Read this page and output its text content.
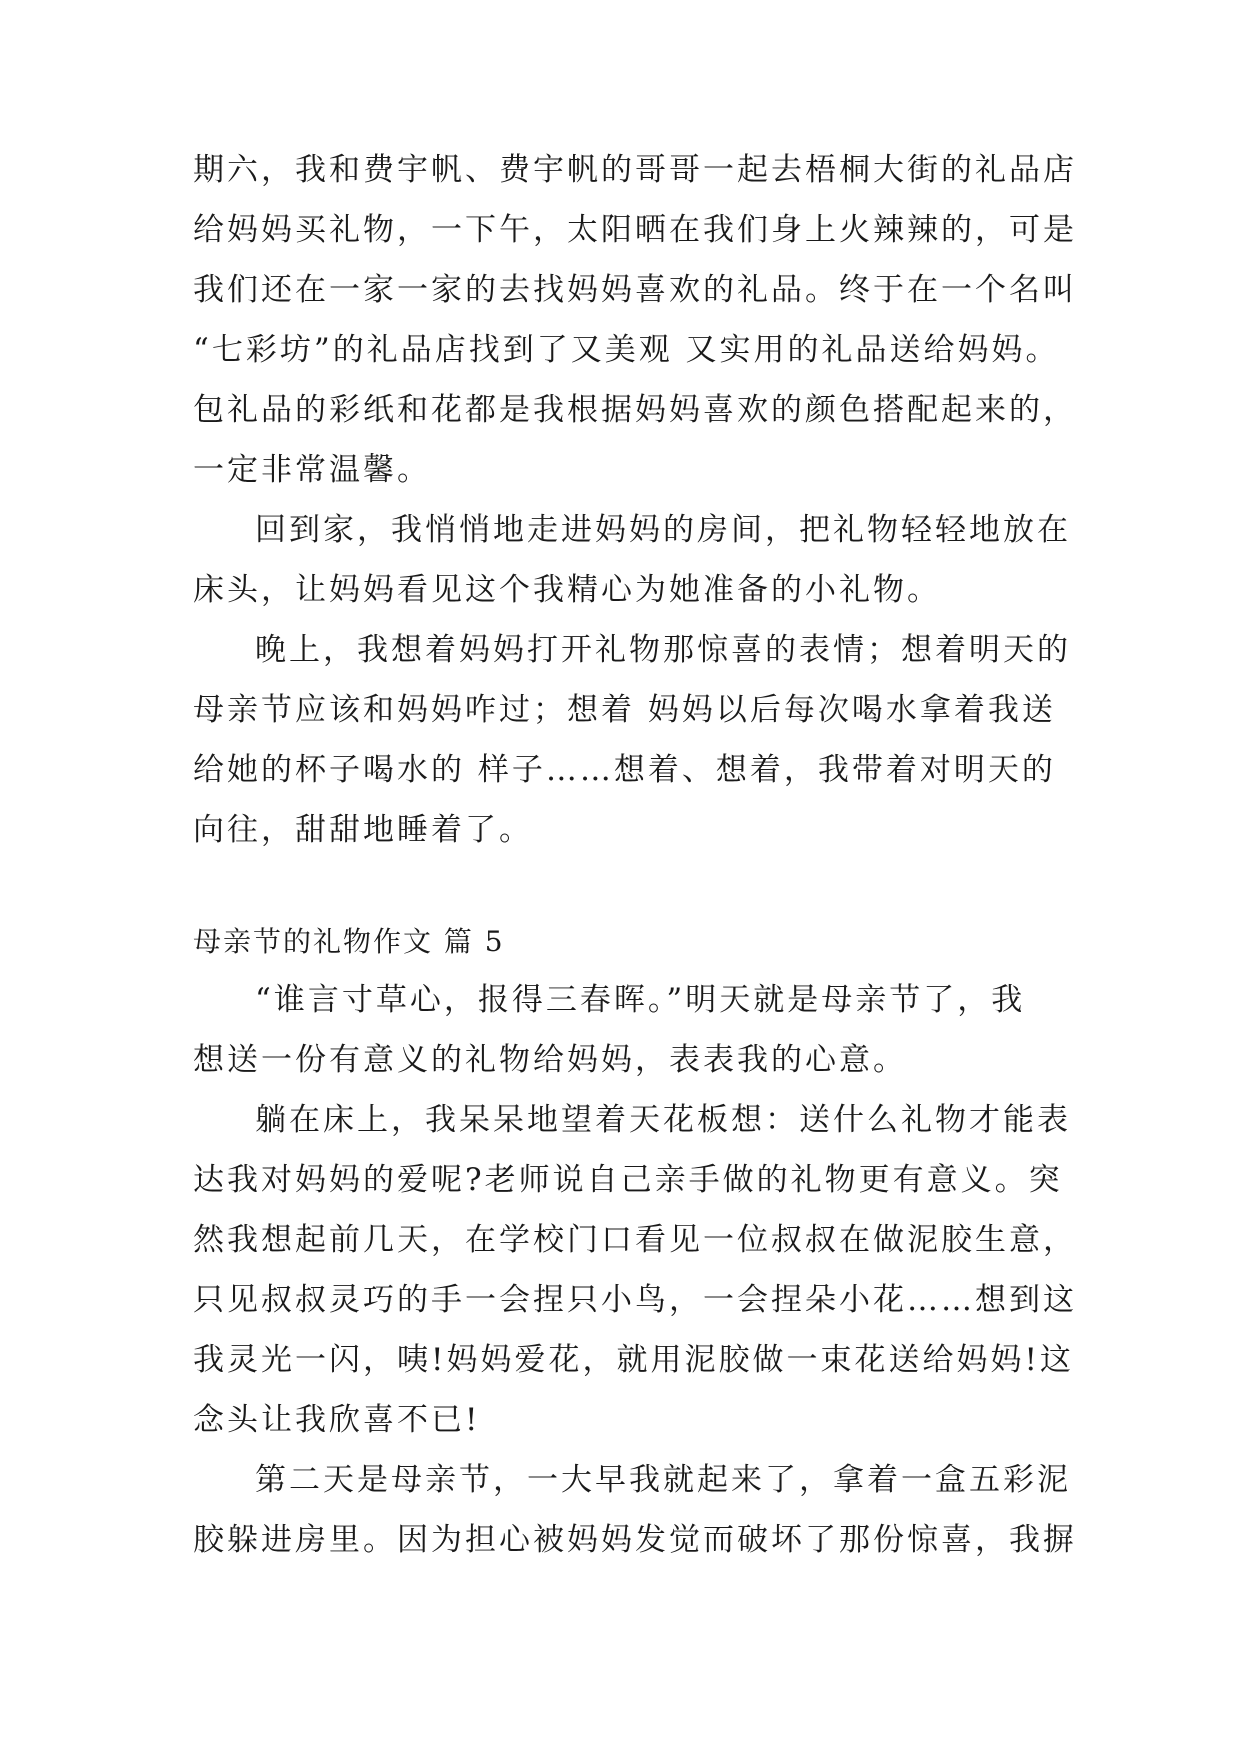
期六，我和费宇帆、费宇帆的哥哥一起去梧桐大街的礼品店
给妈妈买礼物，一下午，太阳晒在我们身上火辣辣的，可是
我们还在一家一家的去找妈妈喜欢的礼品。终于在一个名叫
“七彩坊”的礼品店找到了又美观 又实用的礼品送给妈妈。
包礼品的彩纸和花都是我根据妈妈喜欢的颜色搭配起来的，
一定非常温馨。
回到家，我悄悄地走进妈妈的房间，把礼物轻轻地放在
床头，让妈妈看见这个我精心为她准备的小礼物。
晚上，我想着妈妈打开礼物那惊喜的表情；想着明天的
母亲节应该和妈妈咋过；想着 妈妈以后每次喝水拿着我送
给她的杯子喝水的 样子……想着、想着，我带着对明天的
向往，甜甜地睡着了。
母亲节的礼物作文 篇 5
“谁言寸草心，报得三春晖。”明天就是母亲节了，我
想送一份有意义的礼物给妈妈，表表我的心意。
躺在床上，我呆呆地望着天花板想：送什么礼物才能表
达我对妈妈的爱呢?老师说自己亲手做的礼物更有意义。突
然我想起前几天，在学校门口看见一位叔叔在做泥胶生意，
只见叔叔灵巧的手一会捏只小鸟，一会捏朵小花……想到这
我灵光一闪，咦!妈妈爱花，就用泥胶做一束花送给妈妈!这
念头让我欣喜不已!
第二天是母亲节，一大早我就起来了，拿着一盒五彩泥
胶躲进房里。因为担心被妈妈发觉而破坏了那份惊喜，我摒
